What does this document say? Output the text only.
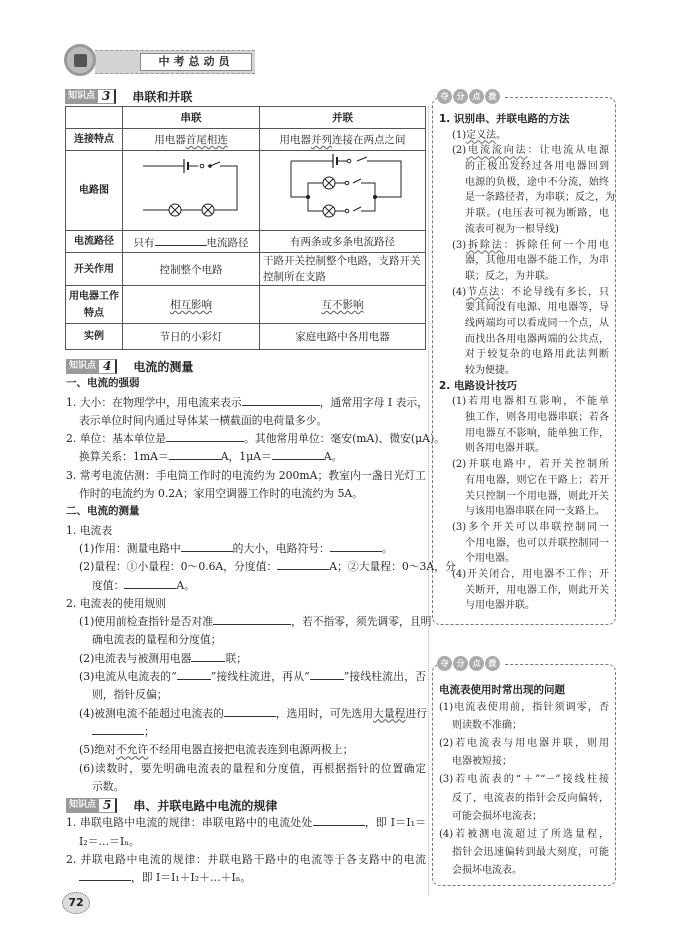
中考总动员
知识点 3	串联和并联
	串联	并联
连接特点	用电器首尾相连	用电器并列连接在两点之间
电路图		
电流路径	只有 电流路径	有两条或多条电流路径
开关作用	控制整个电路	干路开关控制整个电路，支路开关控制所在支路
用电器工作特点	相互影响	互不影响
实例	节日的小彩灯	家庭电路中各用电器
知识点 4	电流的测量
一、电流的强弱
1. 大小：在物理学中，用电流来表示	，通常用字母 I 表示，
表示单位时间内通过导体某一横截面的电荷量多少。
2. 单位：基本单位是	。其他常用单位：毫安(mA)、微安(μA)。
换算关系：1mA＝	A，1μA＝	A。
3. 常考电流估测：手电筒工作时的电流约为 200mA；教室内一盏日光灯工
作时的电流约为 0.2A；家用空调器工作时的电流约为 5A。
二、电流的测量
1. 电流表
(1)作用：测量电路中	的大小，电路符号：	。
(2)量程：①小量程：0～0.6A，分度值：	A；②大量程：0～3A，分
度值：	A。
2. 电流表的使用规则
(1)使用前检查指针是否对准	，若不指零，须先调零，且明
确电流表的量程和分度值；
(2)电流表与被测用电器	联；
(3)电流从电流表的“	”接线柱流进，再从“	”接线柱流出，否
则，指针反偏；
(4)被测电流不能超过电流表的	，选用时，可先选用大量程进行
；
(5)绝对不允许不经用电器直接把电流表连到电源两极上；
(6)读数时，要先明确电流表的量程和分度值，再根据指针的位置确定
示数。
知识点 5	串、并联电路中电流的规律
1. 串联电路中电流的规律：串联电路中的电流处处	，即 I＝I₁＝
I₂＝…＝Iₙ。
2. 并联电路中电流的规律：并联电路干路中的电流等于各支路中的电流
，即 I＝I₁＋I₂＋…＋Iₙ。
夺	分	点	拨
1. 识别串、并联电路的方法
(1)定义法。
(2)电流流向法：让电流从电源
的正极出发经过各用电器回到
电源的负极，途中不分流，始终
是一条路径者，为串联；反之，为
并联。(电压表可视为断路，电
流表可视为一根导线)
(3)拆除法：拆除任何一个用电
器，其他用电器不能工作，为串
联；反之，为并联。
(4)节点法：不论导线有多长，只
要其间没有电源、用电器等，导
线两端均可以看成同一个点，从
而找出各用电器两端的公共点，
对于较复杂的电路用此法判断
较为便捷。
2. 电路设计技巧
(1)若用电器相互影响，不能单
独工作，则各用电器串联；若各
用电器互不影响，能单独工作，
则各用电器并联。
(2)并联电路中，若开关控制所
有用电器，则它在干路上；若开
关只控制一个用电器，则此开关
与该用电器串联在同一支路上。
(3)多个开关可以串联控制同一
个用电器，也可以并联控制同一
个用电器。
(4)开关闭合，用电器不工作；开
关断开，用电器工作，则此开关
与用电器并联。
夺	分	点	拨
电流表使用时常出现的问题
(1)电流表使用前，指针须调零，否
则读数不准确；
(2)若电流表与用电器并联，则用
电器被短接；
(3)若电流表的“＋”“－”接线柱接
反了，电流表的指针会反向偏转，
可能会损坏电流表；
(4)若被测电流超过了所选量程，
指针会迅速偏转到最大刻度，可能
会损坏电流表。
72
